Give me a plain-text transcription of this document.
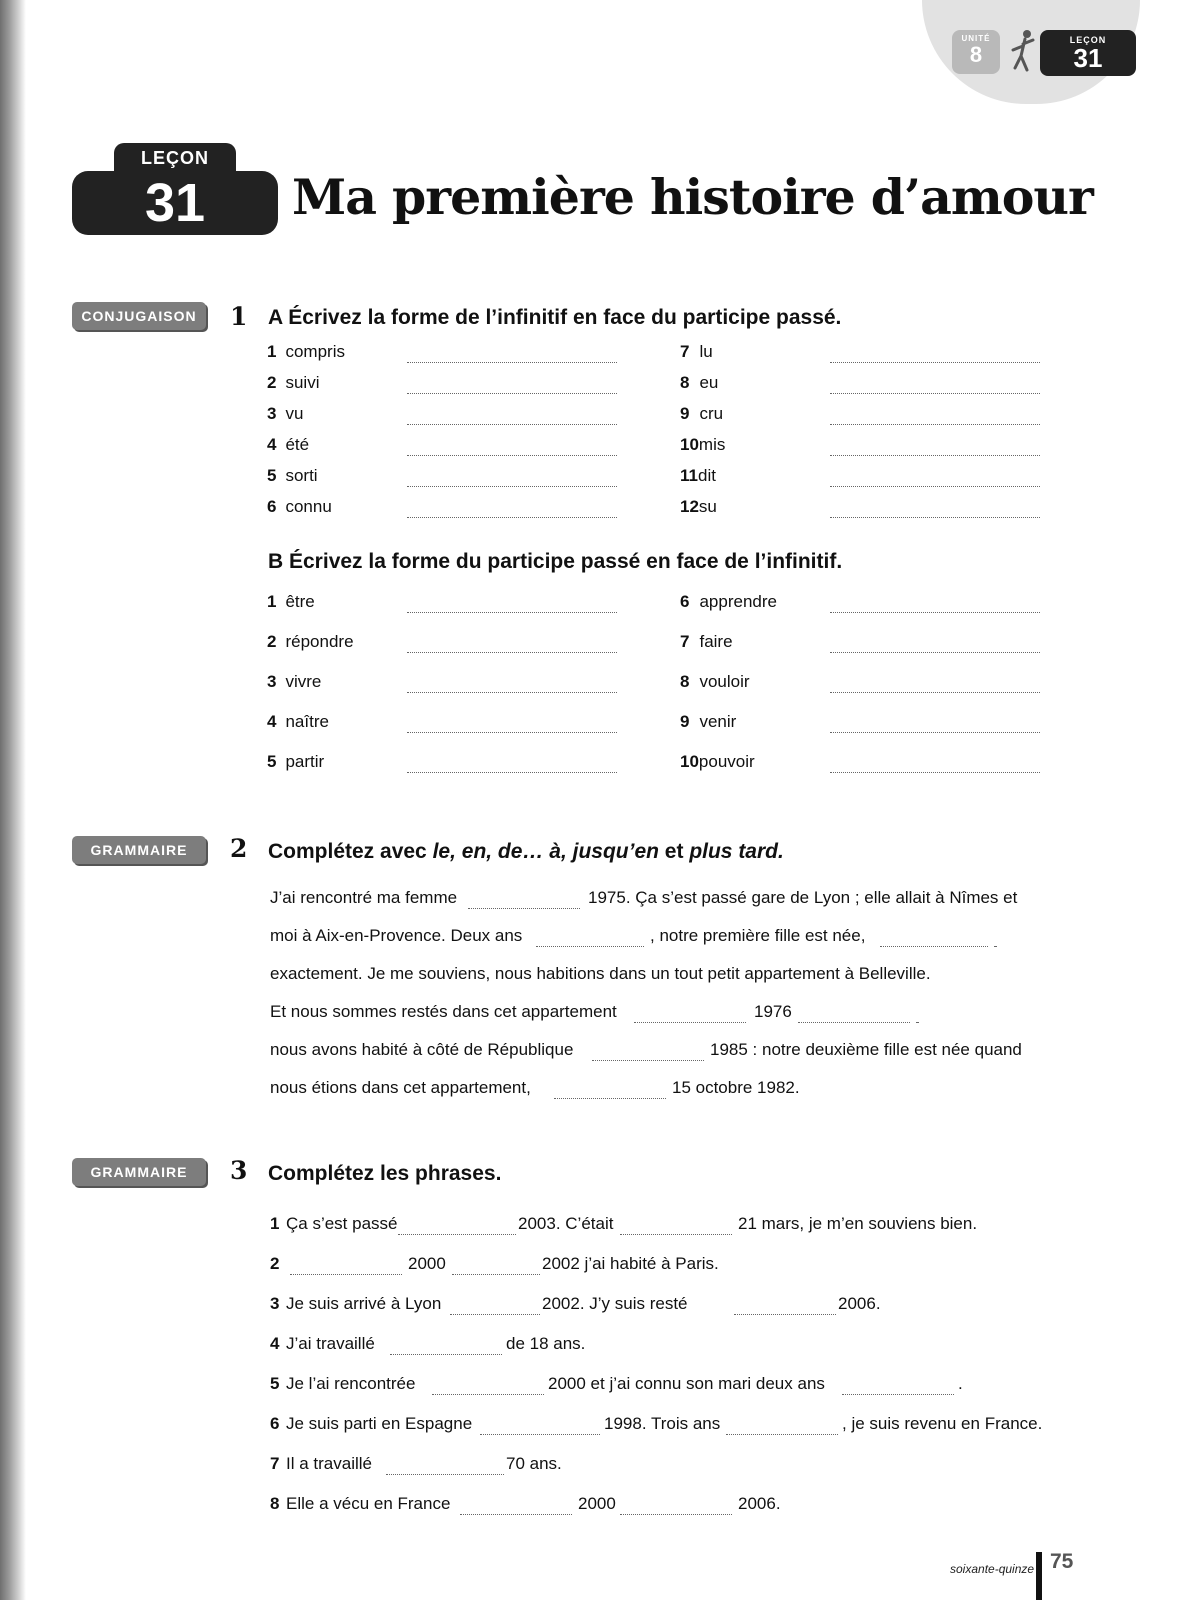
UNITÉ
8
LEÇON
31
LEÇON
31	Ma première histoire d’amour
CONJUGAISON	1 A Écrivez la forme de l’infinitif en face du participe passé.
1 compris
2 suivi
3 vu
4 été
5 sorti
6 connu
7 lu
8 eu
9 cru
10mis
11dit
12su
B Écrivez la forme du participe passé en face de l’infinitif.
1 être
2 répondre
3 vivre
4 naître
5 partir
6 apprendre
7 faire
8 vouloir
9 venir
10pouvoir
GRAMMAIRE	2 Complétez avec le, en, de… à, jusqu’en et plus tard.
J’ai rencontré ma femme	1975. Ça s’est passé gare de Lyon ; elle allait à Nîmes et
moi à Aix-en-Provence. Deux ans	, notre première fille est née,
exactement. Je me souviens, nous habitions dans un tout petit appartement à Belleville.
Et nous sommes restés dans cet appartement	1976
nous avons habité à côté de République	1985 : notre deuxième fille est née quand
nous étions dans cet appartement,	15 octobre 1982.
GRAMMAIRE	3 Complétez les phrases.
1 Ça s’est passé	2003. C’était	21 mars, je m’en souviens bien.
2	2000	2002 j’ai habité à Paris.
3 Je suis arrivé à Lyon	2002. J’y suis resté	2006.
4 J’ai travaillé	de 18 ans.
5 Je l’ai rencontrée	2000 et j’ai connu son mari deux ans	.
6 Je suis parti en Espagne	1998. Trois ans	, je suis revenu en France.
7 Il a travaillé	70 ans.
8 Elle a vécu en France	2000	2006.
soixante-quinze 75
